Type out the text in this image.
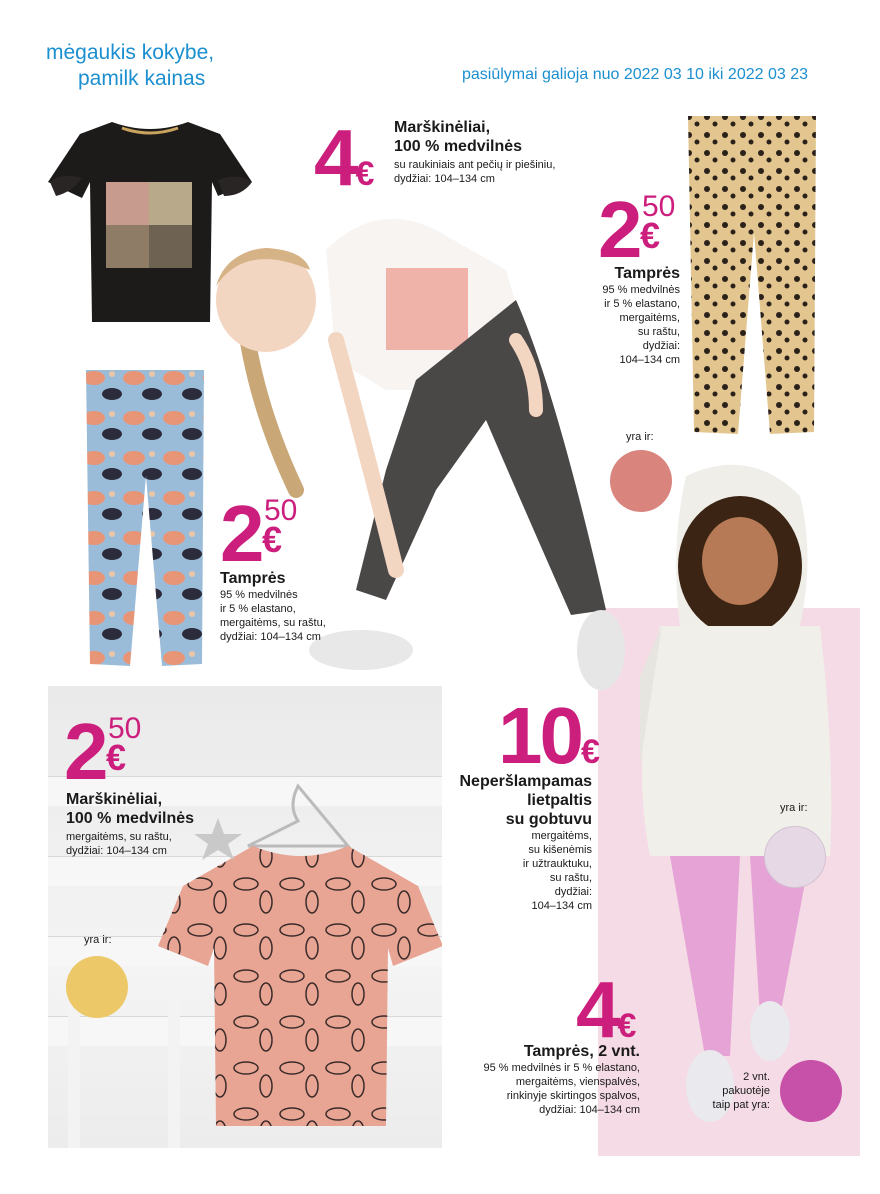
mėgaukis kokybe,
pamilk kainas	pasiūlymai galioja nuo 2022 03 10 iki 2022 03 23
4€
Marškinėliai,
100 % medvilnės
su raukiniais ant pečių ir piešiniu,
dydžiai: 104–134 cm
2 50
€
Tamprės
95 % medvilnės
ir 5 % elastano,
mergaitėms,
su raštu,
dydžiai:
104–134 cm
yra ir:
2 50
€
Tamprės
95 % medvilnės
ir 5 % elastano,
mergaitėms, su raštu,
dydžiai: 104–134 cm
2 50
€
Marškinėliai,
100 % medvilnės
mergaitėms, su raštu,
dydžiai: 104–134 cm
yra ir:
10€
Neperšlampamas
lietpaltis
su gobtuvu
mergaitėms,
su kišenėmis
ir užtrauktuku,
su raštu,
dydžiai:
104–134 cm
yra ir:
4€
Tamprės, 2 vnt.
95 % medvilnės ir 5 % elastano,
mergaitėms, vienspalvės,
rinkinyje skirtingos spalvos,
dydžiai: 104–134 cm
2 vnt.
pakuotėje
taip pat yra:
